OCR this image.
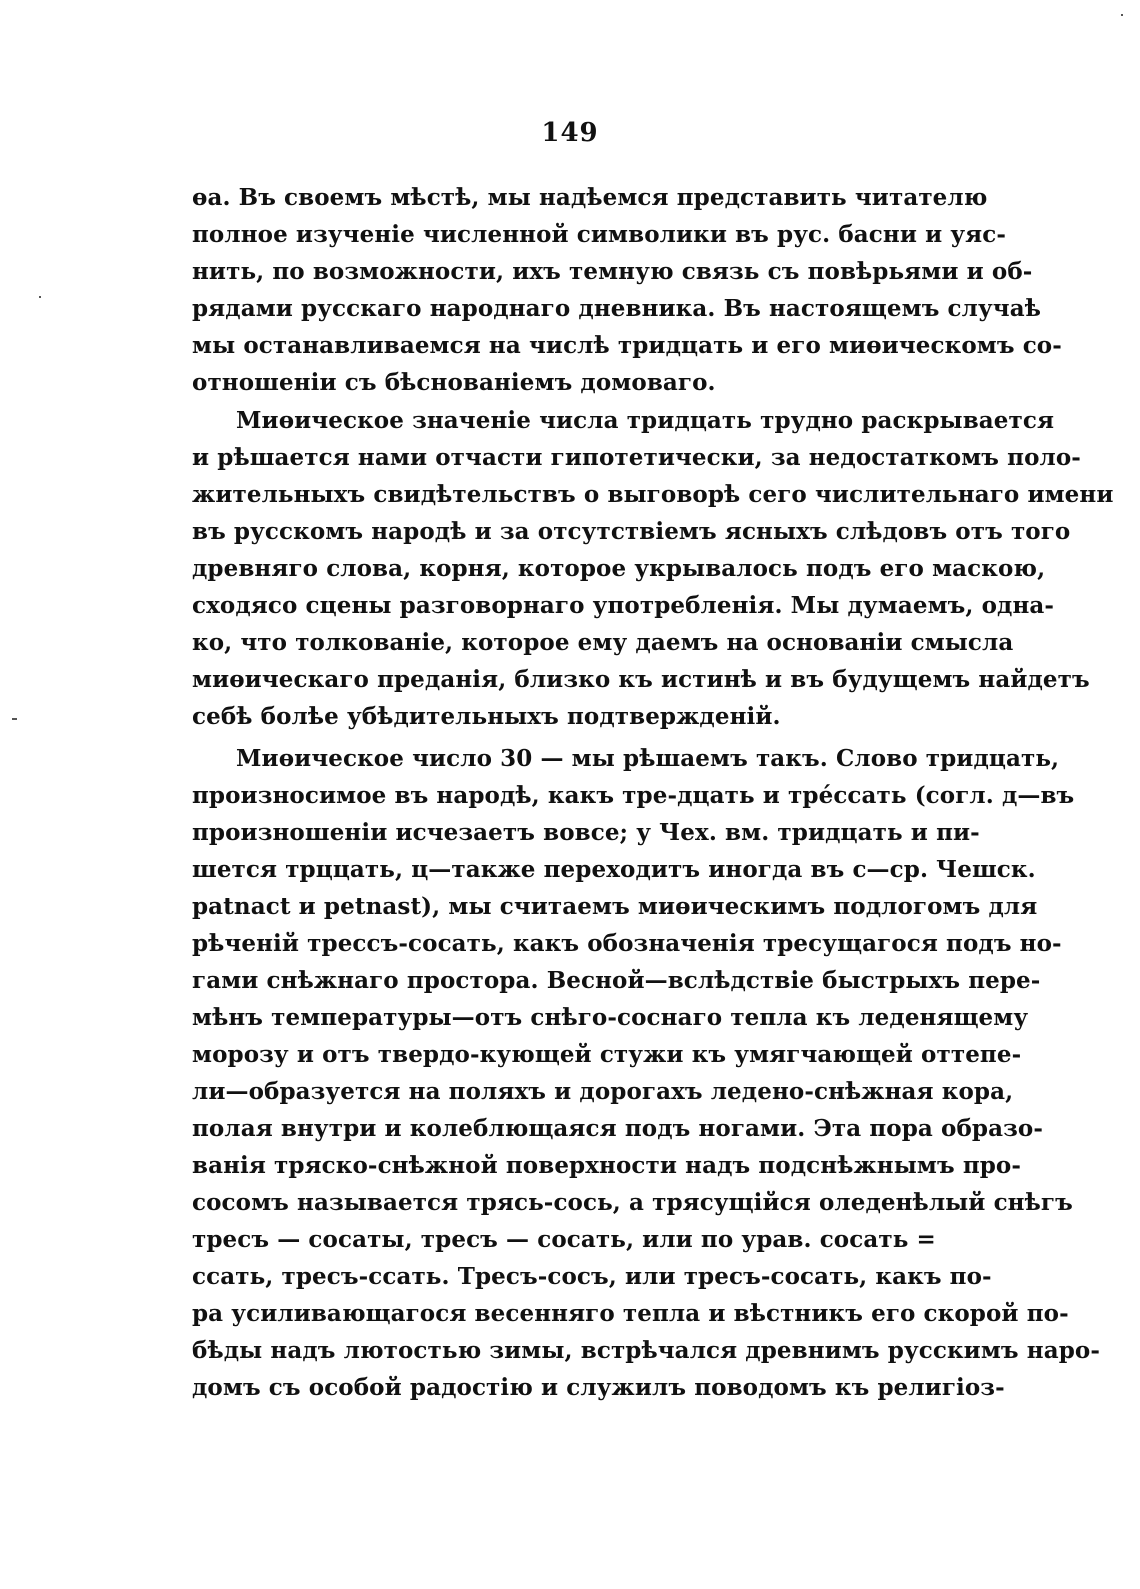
149
өа. Въ своемъ мѣстѣ, мы надѣемся представить читателю
полное изученіе численной символики въ рус. басни и уяс-
нить, по возможности, ихъ темную связь съ повѣрьями и об-
рядами русскаго народнаго дневника. Въ настоящемъ случаѣ
мы останавливаемся на числѣ тридцать и его миөическомъ со-
отношеніи съ бѣснованіемъ домоваго.
Миөическое значеніе числа тридцать трудно раскрывается
и рѣшается нами отчасти гипотетически, за недостаткомъ поло-
жительныхъ свидѣтельствъ о выговорѣ сего числительнаго имени
въ русскомъ народѣ и за отсутствіемъ ясныхъ слѣдовъ отъ того
древняго слова, корня, которое укрывалось подъ его маскою,
сходясо сцены разговорнаго употребленія. Мы думаемъ, однa-
ко, что толкованіе, которое ему даемъ на основаніи смысла
миөическаго преданія, близко къ истинѣ и въ будущемъ найдетъ
себѣ болѣе убѣдительныхъ подтвержденій.
Миөическое число 30 — мы рѣшаемъ такъ. Слово тридцать,
произносимое въ народѣ, какъ тре-дцать и трéссать (согл. д—въ
произношеніи исчезаетъ вовсе; у Чех. вм. тридцать и пи-
шется трццать, ц—также переходитъ иногда въ с—ср. Чешск.
patnact и petnast), мы считаемъ миөическимъ подлогомъ для
рѣченій трессъ-сосать, какъ обозначенія тресущагося подъ но-
гами снѣжнаго простора. Весной—вслѣдствіе быстрыхъ пере-
мѣнъ температуры—отъ снѣго-соснаго тепла къ леденящему
морозу и отъ твердо-кующей стужи къ умягчающей оттепе-
ли—образуется на поляхъ и дорогахъ ледено-снѣжная кора,
полая внутри и колеблющаяся подъ ногами. Эта пора образо-
ванія тряско-снѣжной поверхности надъ подснѣжнымъ про-
сосомъ называется трясь-сось, а трясущійся оледенѣлый снѣгъ
тресъ — сосаты, тресъ — сосать, или по урав. сосать =
ссать, тресъ-ссать. Тресъ-сосъ, или тресъ-сосать, какъ по-
ра усиливающагося весенняго тепла и вѣстникъ его скорой по-
бѣды надъ лютостью зимы, встрѣчался древнимъ русскимъ наро-
домъ съ особой радостію и служилъ поводомъ къ религіоз-
